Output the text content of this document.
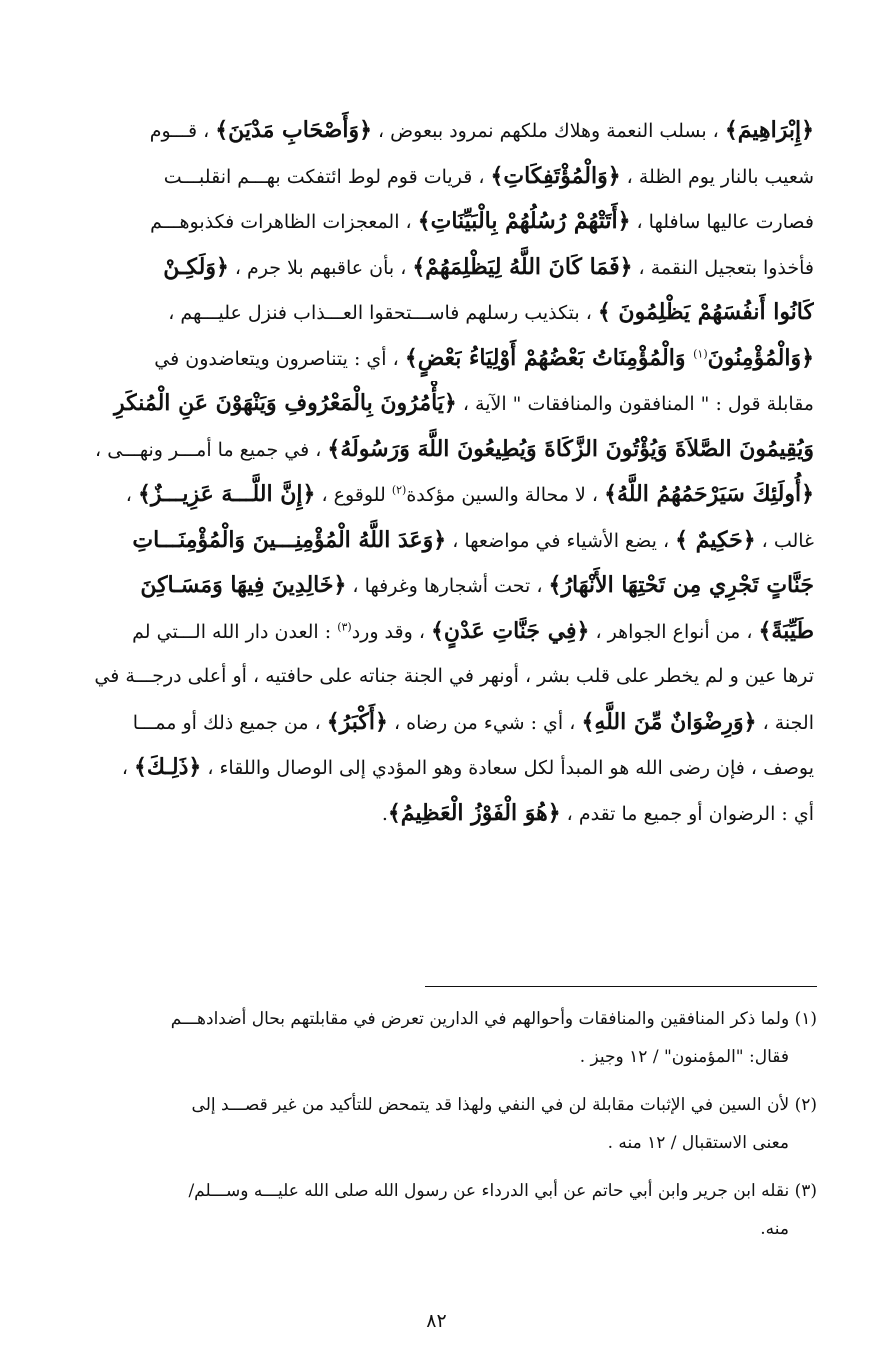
﴿إِبْرَاهِيمَ﴾ ، بسلب النعمة وهلاك ملكهم نمرود ببعوض ، ﴿وَأَصْحَابِ مَدْيَنَ﴾ ، قـــوم
شعيب بالنار يوم الظلة ، ﴿وَالْمُؤْتَفِكَاتِ﴾ ، قريات قوم لوط ائتفكت بهـــم انقلبـــت
فصارت عاليها سافلها ، ﴿أَتَتْهُمْ رُسُلُهُمْ بِالْبَيِّنَاتِ﴾ ، المعجزات الظاهرات فكذبوهـــم
فأخذوا بتعجيل النقمة ، ﴿فَمَا كَانَ اللَّهُ لِيَظْلِمَهُمْ﴾ ، بأن عاقبهم بلا جرم ، ﴿وَلَكِـنْ
كَانُوا أَنفُسَهُمْ يَظْلِمُونَ ﴾ ، بتكذيب رسلهم فاســـتحقوا العـــذاب فنزل عليـــهم ،
﴿وَالْمُؤْمِنُونَ$^{(١)}$ وَالْمُؤْمِنَاتُ بَعْضُهُمْ أَوْلِيَاءُ بَعْضٍ﴾ ، أي : يتناصرون ويتعاضدون في
مقابلة قول : " المنافقون والمنافقات " الآية ، ﴿يَأْمُرُونَ بِالْمَعْرُوفِ وَيَنْهَوْنَ عَنِ الْمُنكَرِ
وَيُقِيمُونَ الصَّلاَةَ وَيُؤْتُونَ الزَّكَاةَ وَيُطِيعُونَ اللَّهَ وَرَسُولَهُ﴾ ، في جميع ما أمـــر ونهـــى ،
﴿أُولَئِكَ سَيَرْحَمُهُمُ اللَّهُ﴾ ، لا محالة والسين مؤكدة$^{(٢)}$ للوقوع ، ﴿إِنَّ اللَّـــهَ عَزِيـــزٌ﴾ ،
غالب ، ﴿حَكِيمٌ ﴾ ، يضع الأشياء في مواضعها ، ﴿وَعَدَ اللَّهُ الْمُؤْمِنِـــينَ وَالْمُؤْمِنَـــاتِ
جَنَّاتٍ تَجْرِي مِن تَحْتِهَا الأَنْهَارُ﴾ ، تحت أشجارها وغرفها ، ﴿خَالِدِينَ فِيهَا وَمَسَـاكِنَ
طَيِّبَةً﴾ ، من أنواع الجواهر ، ﴿فِي جَنَّاتِ عَدْنٍ﴾ ، وقد ورد$^{(٣)}$ : العدن دار الله الـــتي لم
ترها عين و لم يخطر على قلب بشر ، أونهر في الجنة جناته على حافتيه ، أو أعلى درجـــة في
الجنة ، ﴿وَرِضْوَانٌ مِّنَ اللَّهِ﴾ ، أي : شيء من رضاه ، ﴿أَكْبَرُ﴾ ، من جميع ذلك أو ممـــا
يوصف ، فإن رضى الله هو المبدأ لكل سعادة وهو المؤدي إلى الوصال واللقاء ، ﴿ذَلِـكَ﴾ ،
أي : الرضوان أو جميع ما تقدم ، ﴿هُوَ الْفَوْزُ الْعَظِيمُ﴾.
(١) ولما ذكر المنافقين والمنافقات وأحوالهم في الدارين تعرض في مقابلتهم بحال أضدادهـــم
فقال: "المؤمنون" / ١٢ وجيز .
(٢) لأن السين في الإثبات مقابلة لن في النفي ولهذا قد يتمحض للتأكيد من غير قصـــد إلى
معنى الاستقبال / ١٢ منه .
(٣) نقله ابن جرير وابن أبي حاتم عن أبي الدرداء عن رسول الله صلى الله عليـــه وســـلم/
منه.
٨٢
